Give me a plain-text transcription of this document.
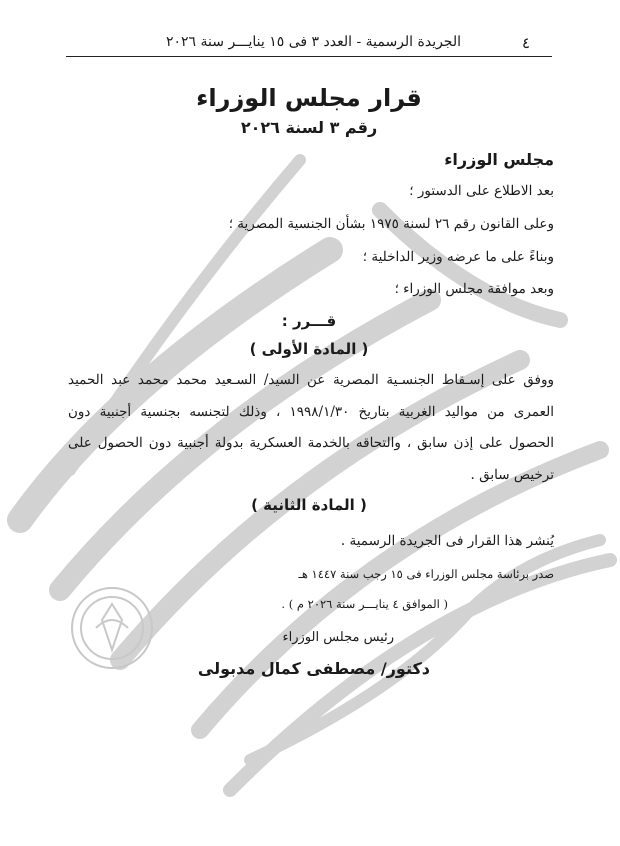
٤
الجريدة الرسمية - العدد ٣ فى ١٥ ينايـــر سنة ٢٠٢٦
قرار مجلس الوزراء
رقم ٣ لسنة ٢٠٢٦
مجلس الوزراء
بعد الاطلاع على الدستور ؛
وعلى القانون رقم ٢٦ لسنة ١٩٧٥ بشأن الجنسية المصرية ؛
وبناءً على ما عرضه وزير الداخلية ؛
وبعد موافقة مجلس الوزراء ؛
قـــرر :
( المادة الأولى )
ووفق على إسـقاط الجنسـية المصرية عن السيد/ السـعيد محمد محمد عبد الحميد
العمرى من مواليد الغربية بتاريخ ١٩٩٨/١/٣٠ ، وذلك لتجنسه بجنسية أجنبية دون
الحصول على إذن سابق ، والتحاقه بالخدمة العسكرية بدولة أجنبية دون الحصول على
ترخيص سابق .
( المادة الثانية )
يُنشر هذا القرار فى الجريدة الرسمية .
صدر برئاسة مجلس الوزراء فى ١٥ رجب سنة ١٤٤٧ هـ
( الموافق ٤ ينايـــر سنة ٢٠٢٦ م ) .
رئيس مجلس الوزراء
دكتور/ مصطفى كمال مدبولى
